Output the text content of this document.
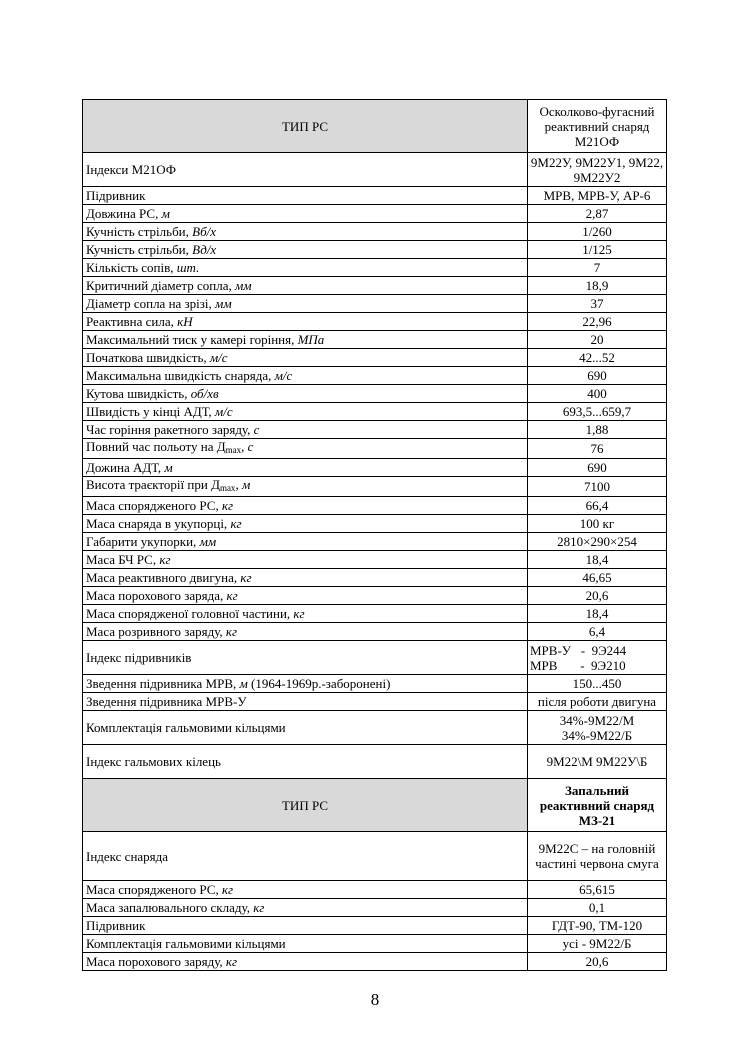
ТИП РС	Осколково-фугасний реактивний снаряд М21ОФ
Індекси М21ОФ	9М22У, 9М22У1, 9М22, 9М22У2
Підривник	МРВ, МРВ-У, АР-6
Довжина РС, м	2,87
Кучність стрільби, Вб/х	1/260
Кучність стрільби, Вд/х	1/125
Кількість сопів, шт.	7
Критичний діаметр сопла, мм	18,9
Діаметр сопла на зрізі, мм	37
Реактивна сила, кН	22,96
Максимальний тиск у камері горіння, МПа	20
Початкова швидкість, м/с	42...52
Максимальна швидкість снаряда, м/с	690
Кутова швидкість, об/хв	400
Швидість у кінці АДТ, м/с	693,5...659,7
Час горіння ракетного заряду, с	1,88
Повний час польоту на $Д_{max}$, с	76
Дожина АДТ, м	690
Висота траєкторії при $Д_{max}$, м	7100
Маса спорядженого РС, кг	66,4
Маса снаряда в укупорці, кг	100 кг
Габарити укупорки, мм	2810×290×254
Маса БЧ РС, кг	18,4
Маса реактивного двигуна, кг	46,65
Маса порохового заряда, кг	20,6
Маса спорядженої головної частини, кг	18,4
Маса розривного заряду, кг	6,4
Індекс підривників	МРВ-У   -  9Э244
МРВ       -  9Э210

Зведення підривника МРВ, м (1964-1969р.-заборонені)	150...450
Зведення підривника МРВ-У	після роботи двигуна
Комплектація гальмовими кільцями	34%-9М22/М 34%-9М22/Б
Індекс гальмових кілець	9М22\М 9М22У\Б
ТИП РС	Запальний реактивний снаряд МЗ-21
Індекс снаряда	9М22С – на головній частині червона смуга
Маса спорядженого РС, кг	65,615
Маса запалювального складу, кг	0,1
Підривник	ГДТ-90, ТМ-120
Комплектація гальмовими кільцями	усі - 9М22/Б
Маса порохового заряду, кг	20,6
8
